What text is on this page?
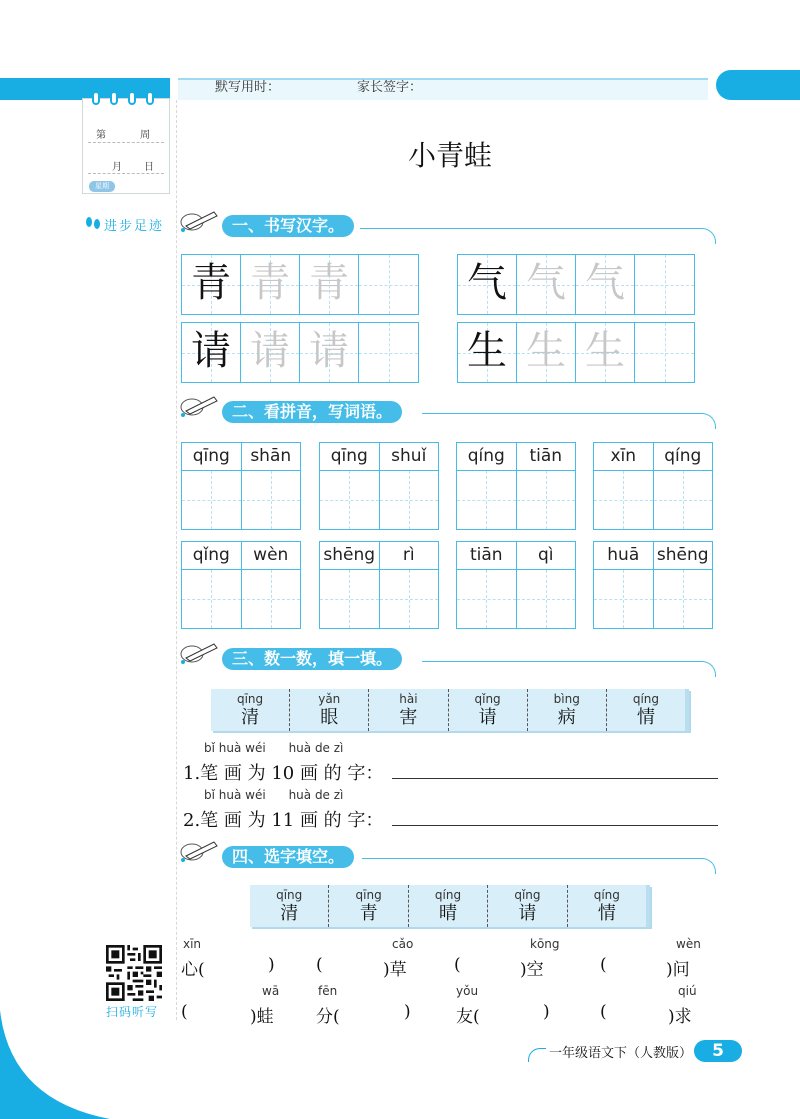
默写用时：	家长签字：
第	周
月 日
星期
进步足迹
小青蛙
一、书写汉字。
青 青 青	气 气 气
请 请 请	生 生 生
二、看拼音，写词语。
qīng	shān	qīng	shuǐ	qíng	tiān	xīn	qíng
qǐng	wèn	shēng	rì	tiān	qì	huā	shēng
三、数一数，填一填。
qīng
清
yǎn
眼
hài
害
qǐng
请
bìng
病
qíng
情
bǐ huà wéi      huà de zì
1.笔 画 为 10 画 的 字：
bǐ huà wéi      huà de zì
2.笔 画 为 11 画 的 字：
四、选字填空。
qīng
清
qīng
青
qíng
晴
qǐng
请
qíng
情
xīn	cǎo	kōng	wèn
心(	) (	)草	(	)空	(	)问
wā	fēn	yǒu	qiú
(	)蛙 分(	)	友(	)	(	)求
扫码听写
一年级语文下（人教版）	5
